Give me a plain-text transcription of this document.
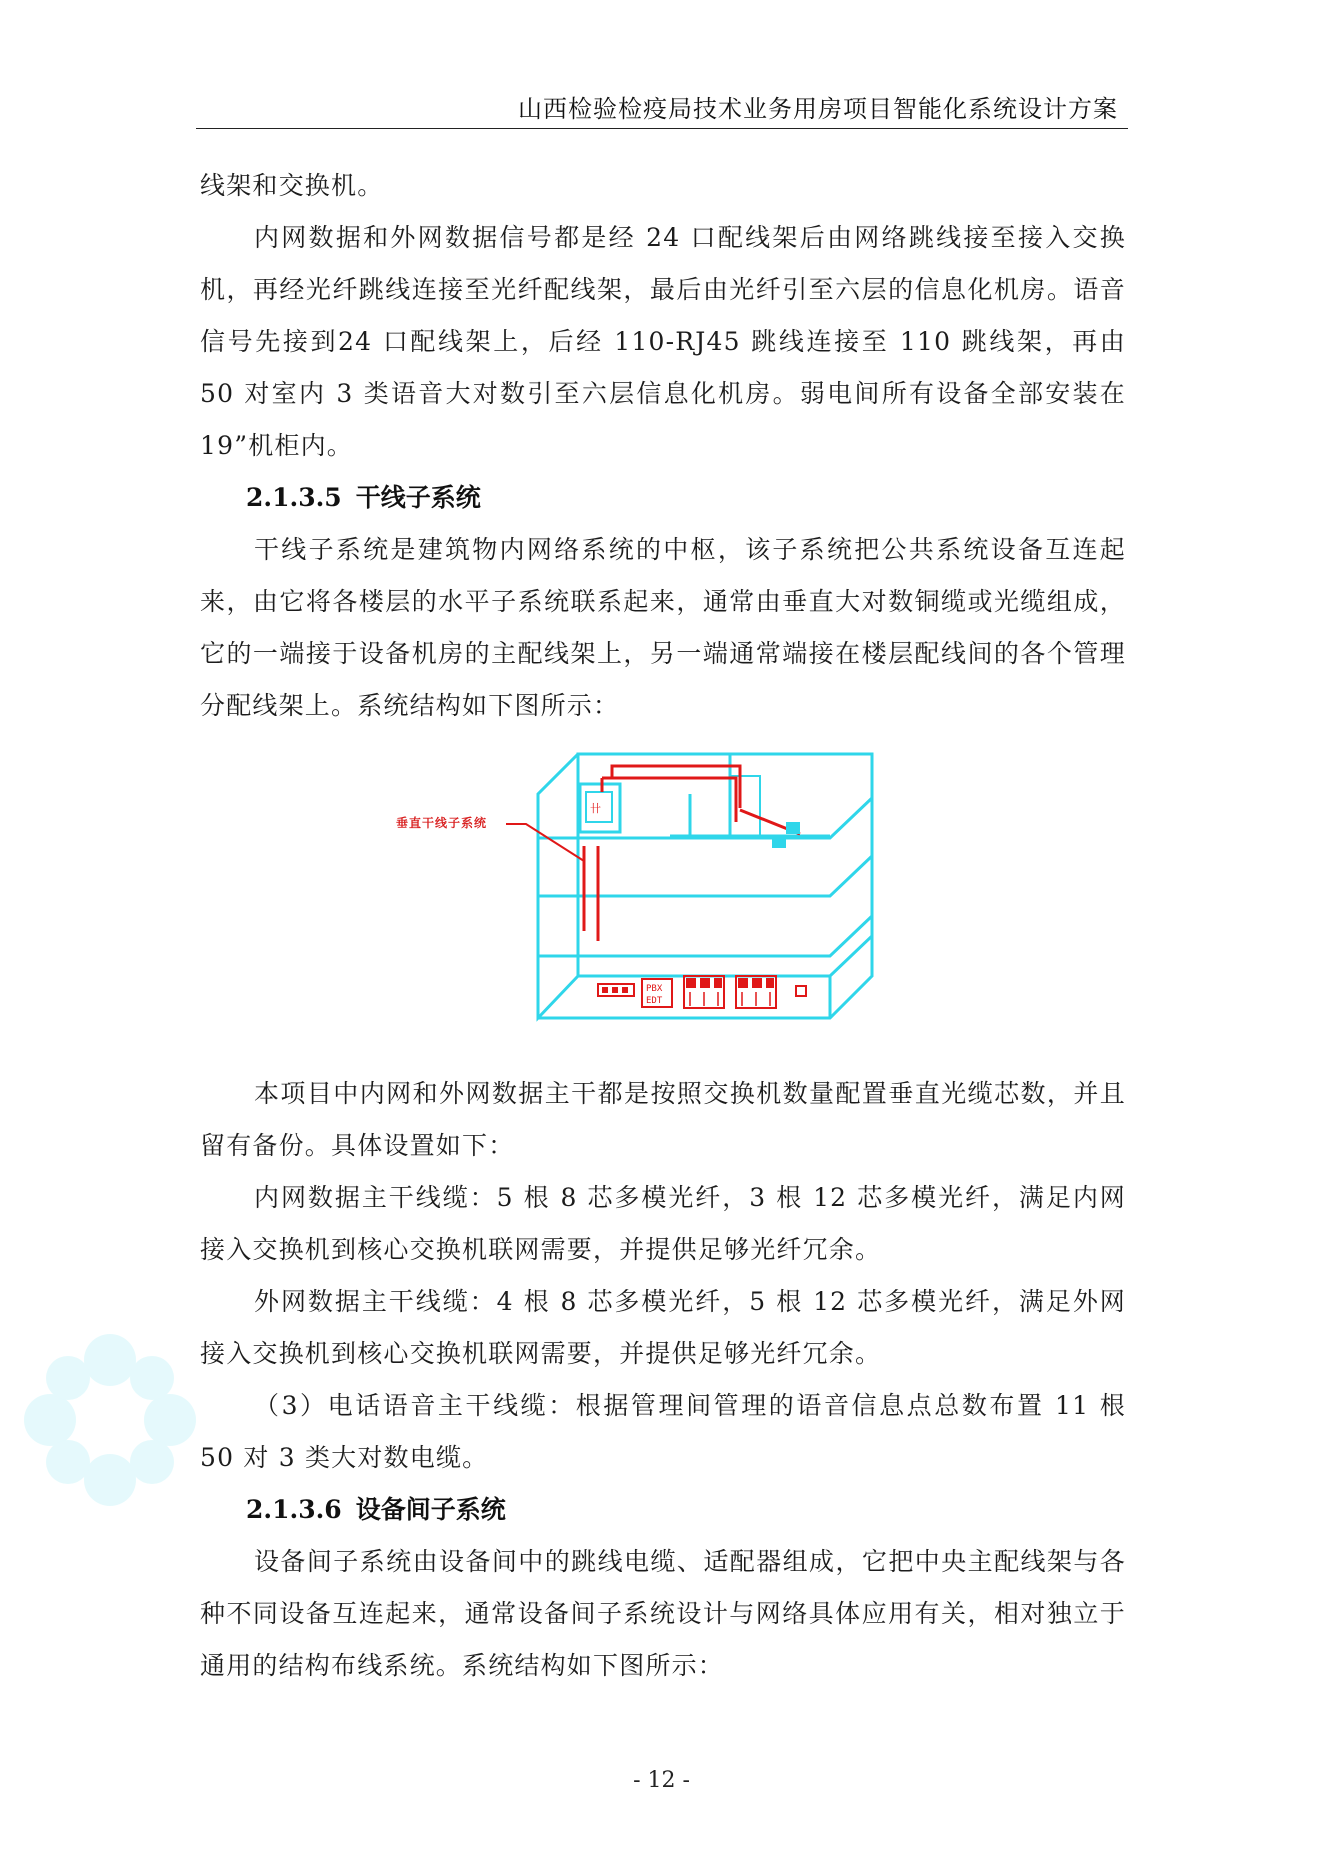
山西检验检疫局技术业务用房项目智能化系统设计方案

线架和交换机。

内网数据和外网数据信号都是经 24 口配线架后由网络跳线接至接入交换机，再经光纤跳线连接至光纤配线架，最后由光纤引至六层的信息化机房。语音信号先接到24 口配线架上，后经 110-RJ45 跳线连接至 110 跳线架，再由 50 对室内 3 类语音大对数引至六层信息化机房。弱电间所有设备全部安装在 19”机柜内。

2.1.3.5 干线子系统

干线子系统是建筑物内网络系统的中枢，该子系统把公共系统设备互连起来，由它将各楼层的水平子系统联系起来，通常由垂直大对数铜缆或光缆组成，它的一端接于设备机房的主配线架上，另一端通常端接在楼层配线间的各个管理分配线架上。系统结构如下图所示：

PBX
EDT
卄
垂直干线子系统

本项目中内网和外网数据主干都是按照交换机数量配置垂直光缆芯数，并且留有备份。具体设置如下：

内网数据主干线缆：5 根 8 芯多模光纤，3 根 12 芯多模光纤，满足内网接入交换机到核心交换机联网需要，并提供足够光纤冗余。

外网数据主干线缆：4 根 8 芯多模光纤，5 根 12 芯多模光纤，满足外网接入交换机到核心交换机联网需要，并提供足够光纤冗余。

（3）电话语音主干线缆：根据管理间管理的语音信息点总数布置 11 根 50 对 3 类大对数电缆。

2.1.3.6 设备间子系统

设备间子系统由设备间中的跳线电缆、适配器组成，它把中央主配线架与各种不同设备互连起来，通常设备间子系统设计与网络具体应用有关，相对独立于通用的结构布线系统。系统结构如下图所示：

- 12 -
